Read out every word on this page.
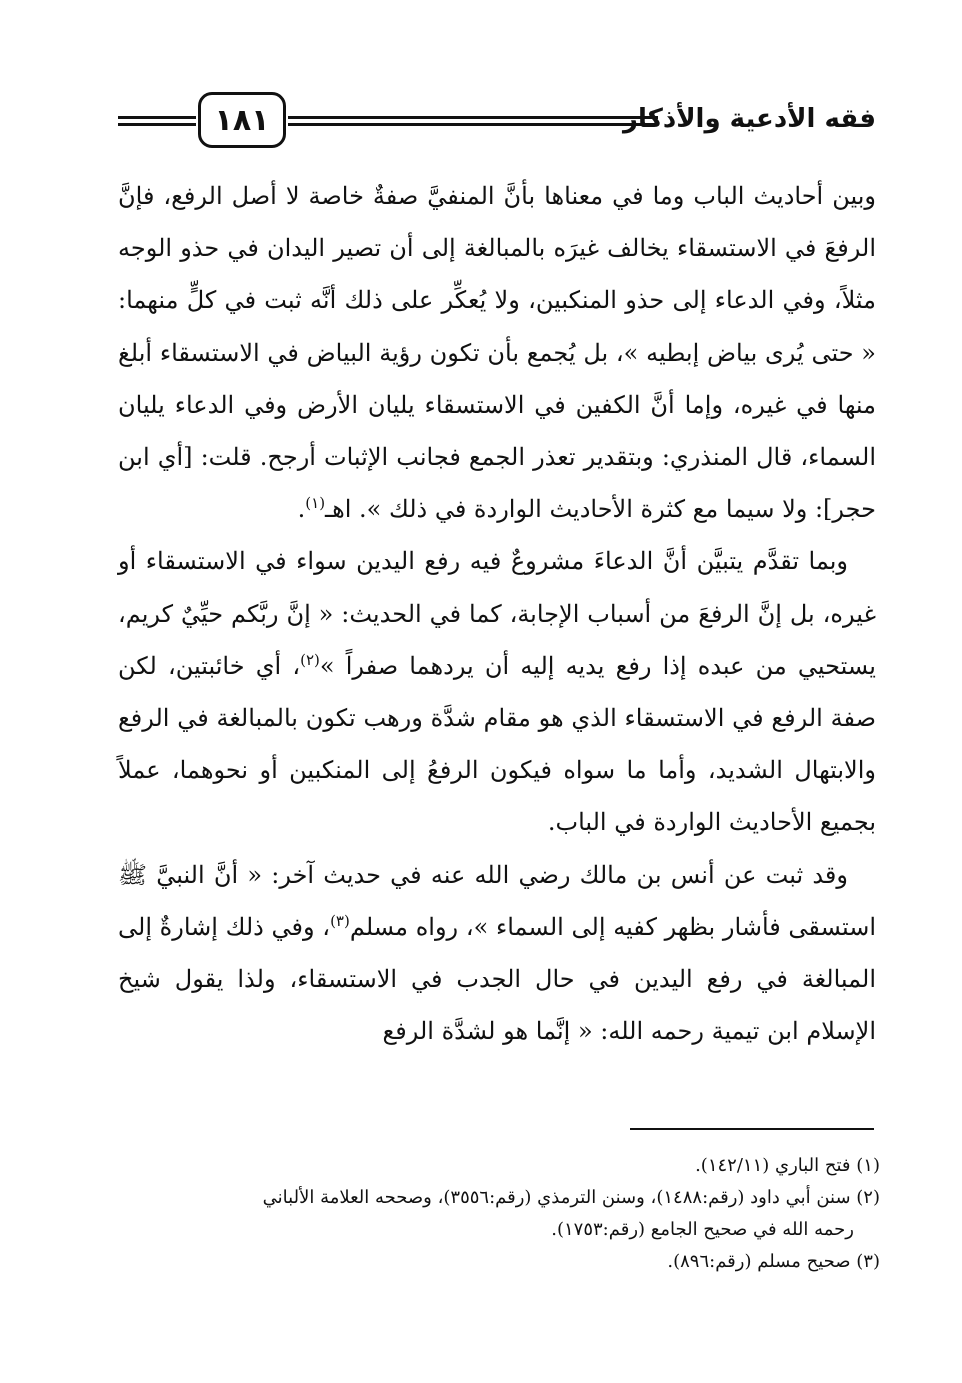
١٨١	فقه الأدعية والأذكار

وبين أحاديث الباب وما في معناها بأنَّ المنفيَّ صفةٌ خاصة لا أصل الرفع، فإنَّ الرفعَ في الاستسقاء يخالف غيرَه بالمبالغة إلى أن تصير اليدان في حذو الوجه مثلاً، وفي الدعاء إلى حذو المنكبين، ولا يُعكِّر على ذلك أنَّه ثبت في كلٍّ منهما: « حتى يُرى بياض إبطيه »، بل يُجمع بأن تكون رؤية البياض في الاستسقاء أبلغ منها في غيره، وإما أنَّ الكفين في الاستسقاء يليان الأرض وفي الدعاء يليان السماء، قال المنذري: وبتقدير تعذر الجمع فجانب الإثبات أرجح. قلت: [أي ابن حجر]: ولا سيما مع كثرة الأحاديث الواردة في ذلك ». اهـ$^{(١)}$.

وبما تقدَّم يتبيَّن أنَّ الدعاءَ مشروعٌ فيه رفع اليدين سواء في الاستسقاء أو غيره، بل إنَّ الرفعَ من أسباب الإجابة، كما في الحديث: « إنَّ ربَّكم حيِّيٌ كريم، يستحيي من عبده إذا رفع يديه إليه أن يردهما صفراً »$^{(٢)}$، أي خائبتين، لكن صفة الرفع في الاستسقاء الذي هو مقام شدَّة ورهب تكون بالمبالغة في الرفع والابتهال الشديد، وأما ما سواه فيكون الرفعُ إلى المنكبين أو نحوهما، عملاً بجميع الأحاديث الواردة في الباب.

وقد ثبت عن أنس بن مالك رضي الله عنه في حديث آخر: « أنَّ النبيَّ ﷺ استسقى فأشار بظهر كفيه إلى السماء »، رواه مسلم$^{(٣)}$، وفي ذلك إشارةٌ إلى المبالغة في رفع اليدين في حال الجدب في الاستسقاء، ولذا يقول شيخ الإسلام ابن تيمية رحمه الله: « إنَّما هو لشدَّة الرفع

(١) فتح الباري (١٤٢/١١).

(٢) سنن أبي داود (رقم:١٤٨٨)، وسنن الترمذي (رقم:٣٥٥٦)، وصححه العلامة الألباني
رحمه الله في صحيح الجامع (رقم:١٧٥٣).

(٣) صحيح مسلم (رقم:٨٩٦).
